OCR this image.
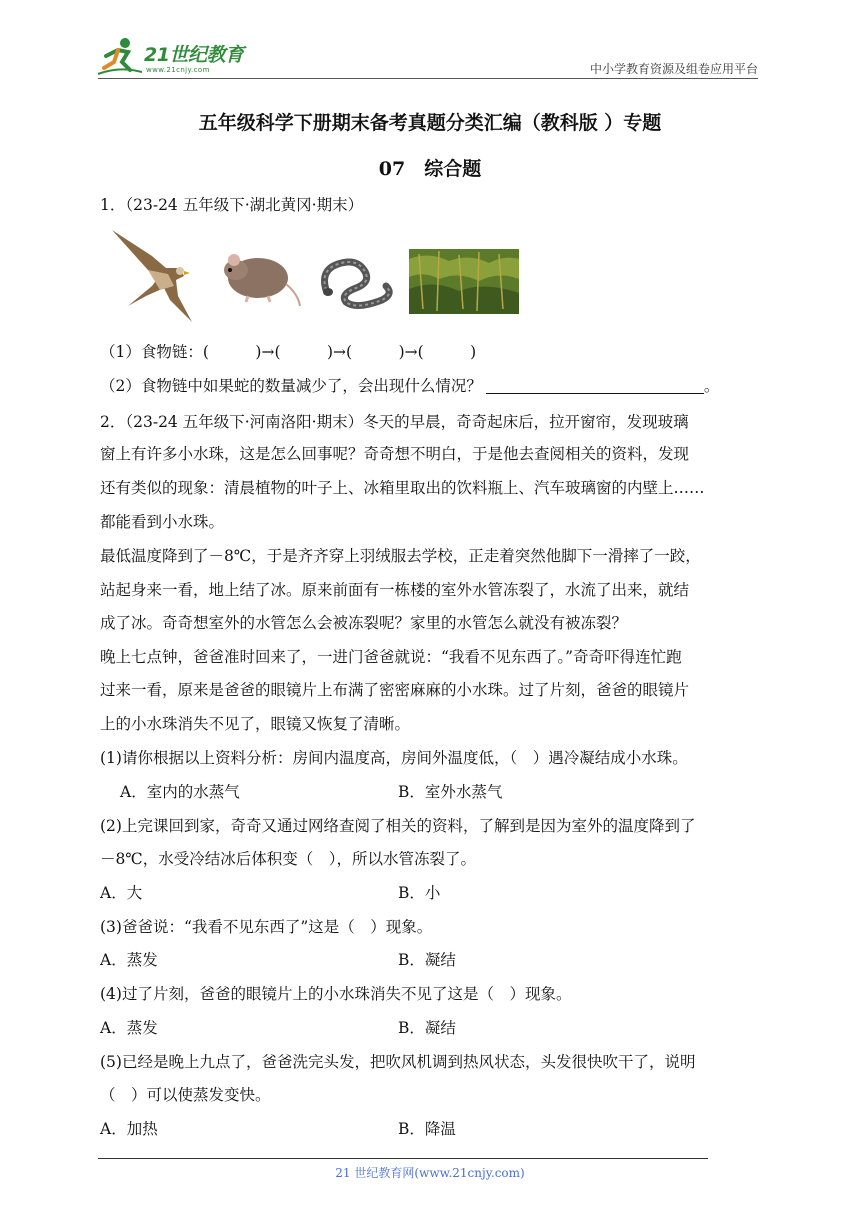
21世纪教育
www.21cnjy.com	中小学教育资源及组卷应用平台
五年级科学下册期末备考真题分类汇编（教科版 ）专题
07　综合题
1．（23-24 五年级下·湖北黄冈·期末）
（1）食物链：(　　　)→(　　　)→(　　　)→(　　　)
（2）食物链中如果蛇的数量减少了，会出现什么情况？	。
2．（23-24 五年级下·河南洛阳·期末）冬天的早晨，奇奇起床后，拉开窗帘，发现玻璃
窗上有许多小水珠，这是怎么回事呢？奇奇想不明白，于是他去查阅相关的资料，发现
还有类似的现象：清晨植物的叶子上、冰箱里取出的饮料瓶上、汽车玻璃窗的内壁上……
都能看到小水珠。
最低温度降到了－8℃，于是齐齐穿上羽绒服去学校，正走着突然他脚下一滑摔了一跤，
站起身来一看，地上结了冰。原来前面有一栋楼的室外水管冻裂了，水流了出来，就结
成了冰。奇奇想室外的水管怎么会被冻裂呢？家里的水管怎么就没有被冻裂？
晚上七点钟，爸爸准时回来了，一进门爸爸就说：“我看不见东西了。”奇奇吓得连忙跑
过来一看，原来是爸爸的眼镜片上布满了密密麻麻的小水珠。过了片刻，爸爸的眼镜片
上的小水珠消失不见了，眼镜又恢复了清晰。
(1)请你根据以上资料分析：房间内温度高，房间外温度低，（　）遇冷凝结成小水珠。
A．室内的水蒸气	B．室外水蒸气
(2)上完课回到家，奇奇又通过网络查阅了相关的资料，了解到是因为室外的温度降到了
－8℃，水受冷结冰后体积变（　），所以水管冻裂了。
A．大	B．小
(3)爸爸说：“我看不见东西了”这是（　）现象。
A．蒸发	B．凝结
(4)过了片刻，爸爸的眼镜片上的小水珠消失不见了这是（　）现象。
A．蒸发	B．凝结
(5)已经是晚上九点了，爸爸洗完头发，把吹风机调到热风状态，头发很快吹干了，说明
（　）可以使蒸发变快。
A．加热	B．降温
21 世纪教育网(www.21cnjy.com)
